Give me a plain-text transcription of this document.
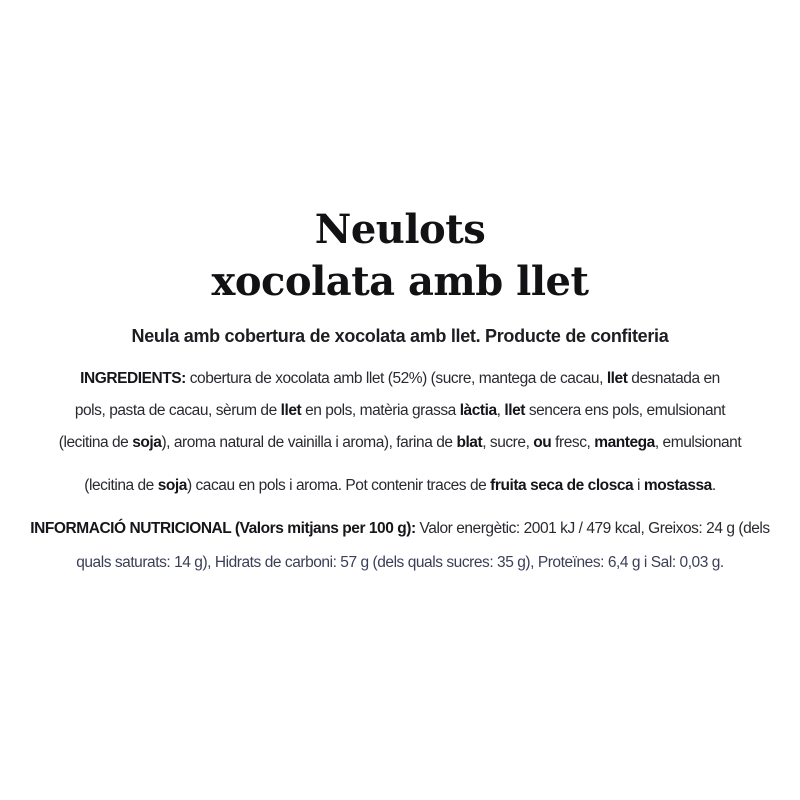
Neulots
xocolata amb llet
Neula amb cobertura de xocolata amb llet. Producte de confiteria
INGREDIENTS: cobertura de xocolata amb llet (52%) (sucre, mantega de cacau, llet desnatada en
pols, pasta de cacau, sèrum de llet en pols, matèria grassa làctia, llet sencera ens pols, emulsionant
(lecitina de soja), aroma natural de vainilla i aroma), farina de blat, sucre, ou fresc, mantega, emulsionant
(lecitina de soja) cacau en pols i aroma. Pot contenir traces de fruita seca de closca i mostassa.
INFORMACIÓ NUTRICIONAL (Valors mitjans per 100 g): Valor energètic: 2001 kJ / 479 kcal, Greixos: 24 g (dels
quals saturats: 14 g), Hidrats de carboni: 57 g (dels quals sucres: 35 g), Proteïnes: 6,4 g i Sal: 0,03 g.
